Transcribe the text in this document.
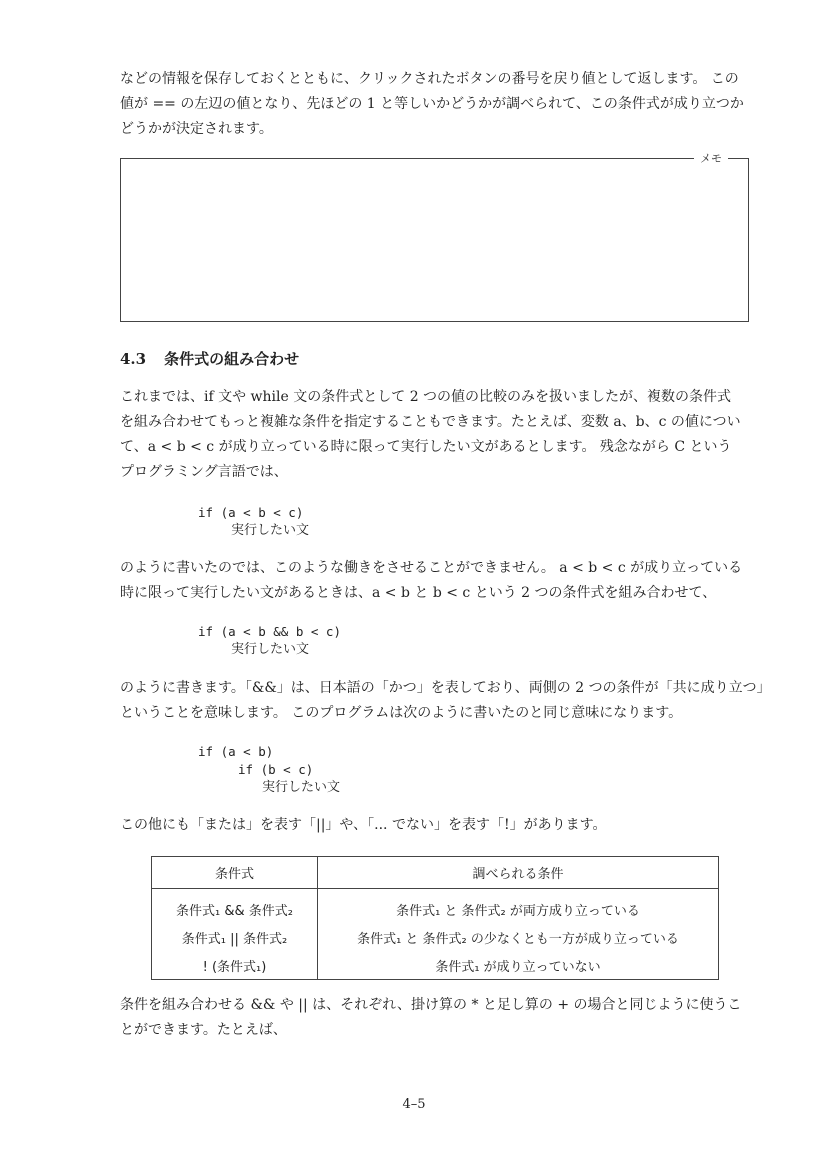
などの情報を保存しておくとともに、クリックされたボタンの番号を戻り値として返します。 この
値が == の左辺の値となり、先ほどの 1 と等しいかどうかが調べられて、この条件式が成り立つか
どうかが決定されます。
メモ
4.3 条件式の組み合わせ
これまでは、if 文や while 文の条件式として 2 つの値の比較のみを扱いましたが、複数の条件式
を組み合わせてもっと複雑な条件を指定することもできます。たとえば、変数 a、b、c の値につい
て、a < b < c が成り立っている時に限って実行したい文があるとします。 残念ながら C という
プログラミング言語では、
if (a < b < c)
実行したい文
のように書いたのでは、このような働きをさせることができません。 a < b < c が成り立っている
時に限って実行したい文があるときは、a < b と b < c という 2 つの条件式を組み合わせて、
if (a < b && b < c)
実行したい文
のように書きます。「&&」は、日本語の「かつ」を表しており、両側の 2 つの条件が「共に成り立つ」
ということを意味します。 このプログラムは次のように書いたのと同じ意味になります。
if (a < b)
if (b < c)
実行したい文
この他にも「または」を表す「||」や、「... でない」を表す「!」があります。
条件式	調べられる条件
条件式₁ && 条件式₂	条件式₁ と 条件式₂ が両方成り立っている
条件式₁ || 条件式₂	条件式₁ と 条件式₂ の少なくとも一方が成り立っている
! (条件式₁)	条件式₁ が成り立っていない
条件を組み合わせる && や || は、それぞれ、掛け算の * と足し算の + の場合と同じように使うこ
とができます。たとえば、
4–5
